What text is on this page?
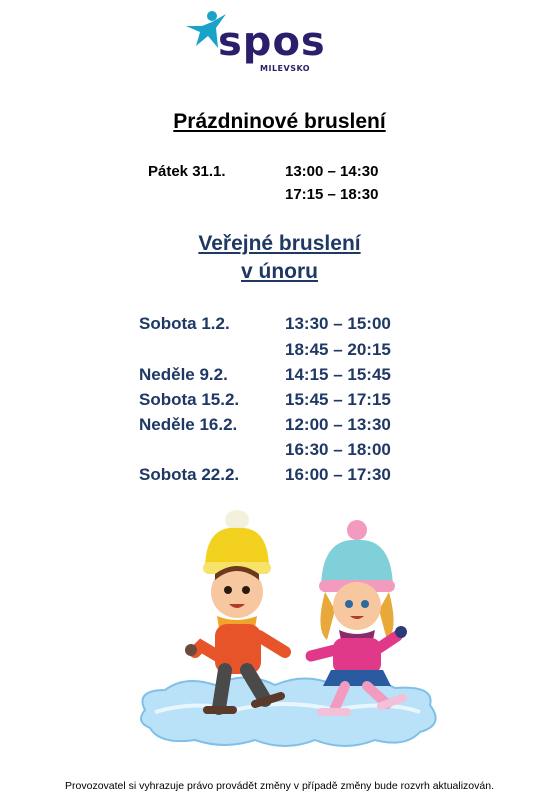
spos
MILEVSKO
Prázdninové bruslení
Pátek 31.1.	13:00 – 14:30
17:15 – 18:30
Veřejné bruslení
v únoru
Sobota 1.2.	13:30 – 15:00
18:45 – 20:15
Neděle 9.2.	14:15 – 15:45
Sobota 15.2.	15:45 – 17:15
Neděle 16.2.	12:00 – 13:30
16:30 – 18:00
Sobota 22.2.	16:00 – 17:30
Provozovatel si vyhrazuje právo provádět změny v případě změny bude rozvrh aktualizován.
